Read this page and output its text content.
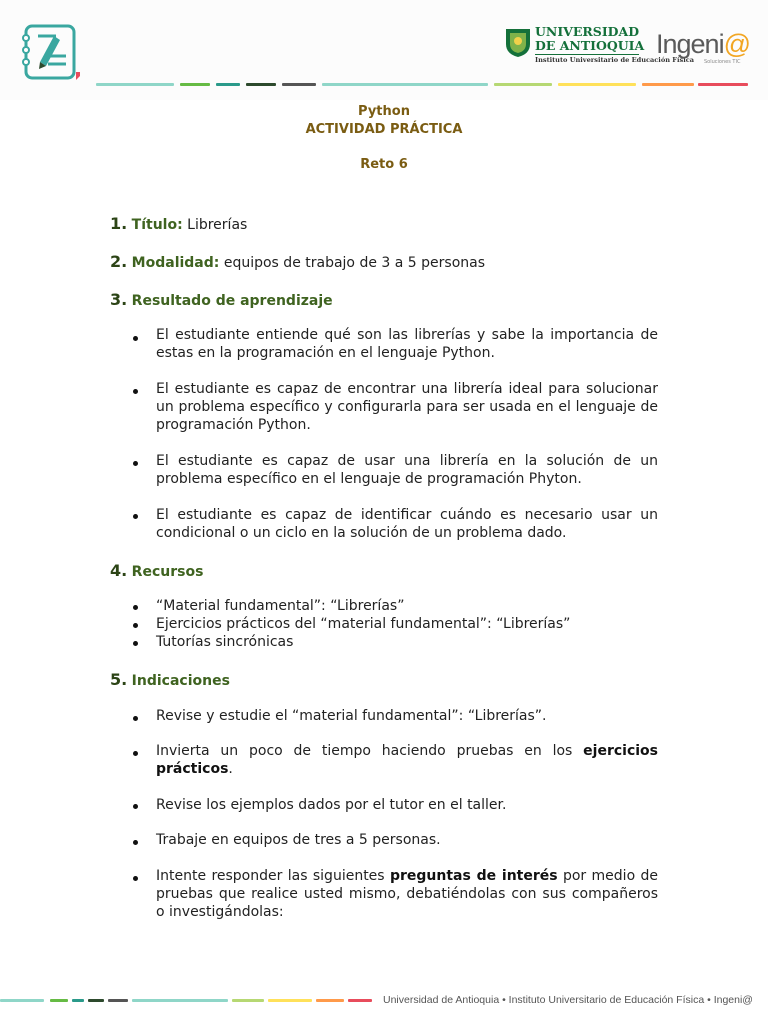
UNIVERSIDAD
DE ANTIOQUIA
Instituto Universitario de Educación Física
Ingeni@
Soluciones TIC
Python
ACTIVIDAD PRÁCTICA
Reto 6
1. Título: Librerías
2. Modalidad: equipos de trabajo de 3 a 5 personas
3. Resultado de aprendizaje
El estudiante entiende qué son las librerías y sabe la importancia de estas en la programación en el lenguaje Python.
El estudiante es capaz de encontrar una librería ideal para solucionar un problema específico y configurarla para ser usada en el lenguaje de programación Python.
El estudiante es capaz de usar una librería en la solución de un problema específico en el lenguaje de programación Phyton.
El estudiante es capaz de identificar cuándo es necesario usar un condicional o un ciclo en la solución de un problema dado.
4. Recursos
“Material fundamental”: “Librerías”
Ejercicios prácticos del “material fundamental”: “Librerías”
Tutorías sincrónicas
5. Indicaciones
Revise y estudie el “material fundamental”: “Librerías”.
Invierta un poco de tiempo haciendo pruebas en los ejercicios prácticos.
Revise los ejemplos dados por el tutor en el taller.
Trabaje en equipos de tres a 5 personas.
Intente responder las siguientes preguntas de interés por medio de pruebas que realice usted mismo, debatiéndolas con sus compañeros o investigándolas:
Universidad de Antioquia • Instituto Universitario de Educación Física • Ingeni@
